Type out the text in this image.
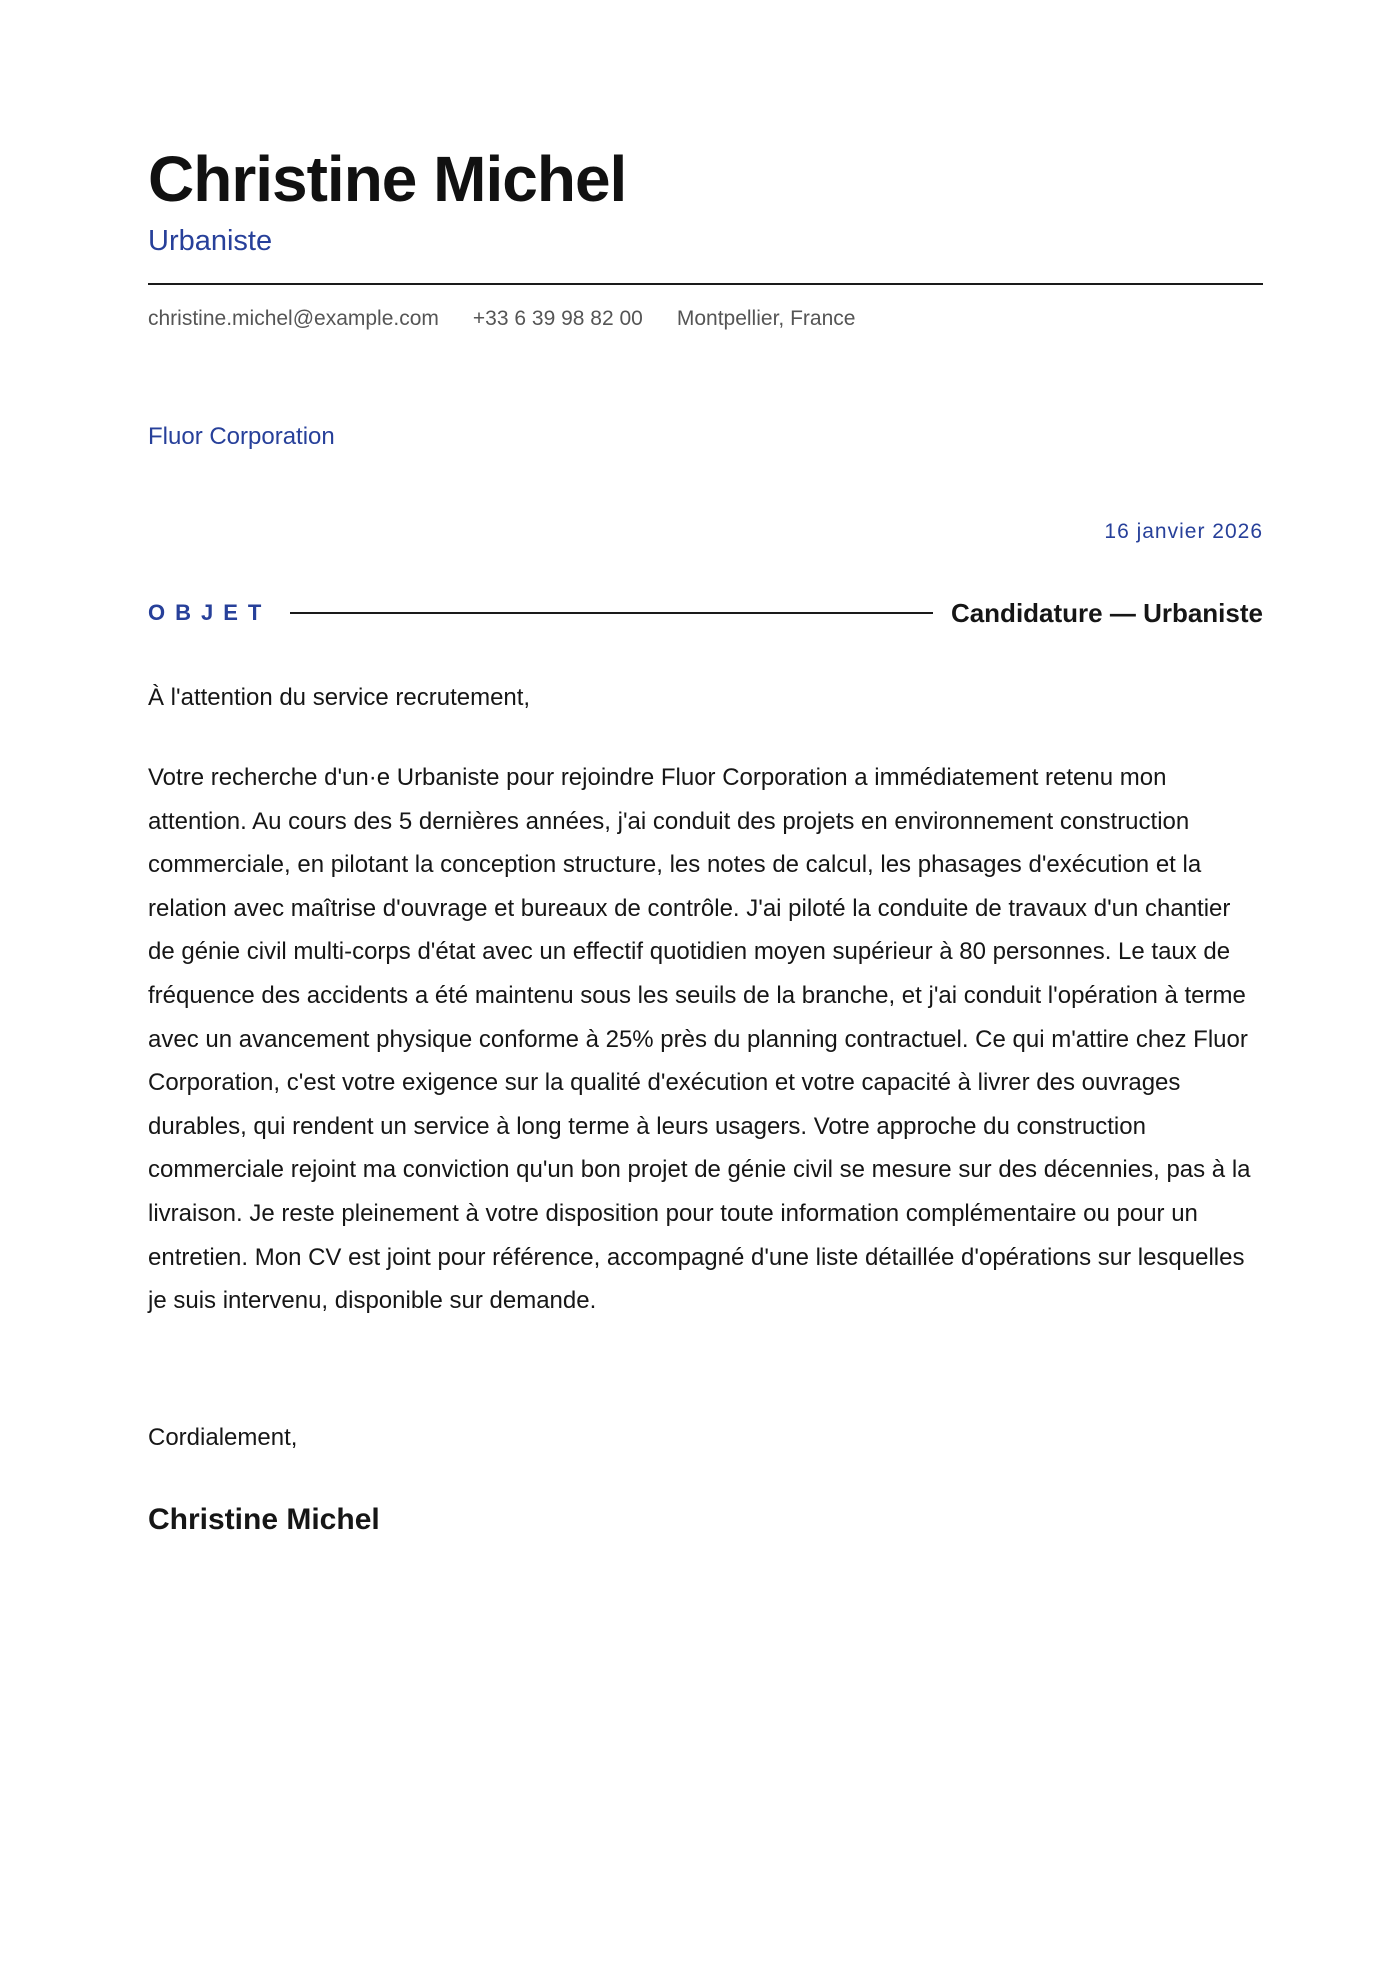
Christine Michel
Urbaniste
christine.michel@example.com +33 6 39 98 82 00 Montpellier, France
Fluor Corporation
16 janvier 2026
OBJET	Candidature — Urbaniste
À l'attention du service recrutement,

Votre recherche d'un·e Urbaniste pour rejoindre Fluor Corporation a immédiatement retenu mon attention. Au cours des 5 dernières années, j'ai conduit des projets en environnement construction commerciale, en pilotant la conception structure, les notes de calcul, les phasages d'exécution et la relation avec maîtrise d'ouvrage et bureaux de contrôle. J'ai piloté la conduite de travaux d'un chantier de génie civil multi-corps d'état avec un effectif quotidien moyen supérieur à 80 personnes. Le taux de fréquence des accidents a été maintenu sous les seuils de la branche, et j'ai conduit l'opération à terme avec un avancement physique conforme à 25% près du planning contractuel. Ce qui m'attire chez Fluor Corporation, c'est votre exigence sur la qualité d'exécution et votre capacité à livrer des ouvrages durables, qui rendent un service à long terme à leurs usagers. Votre approche du construction commerciale rejoint ma conviction qu'un bon projet de génie civil se mesure sur des décennies, pas à la livraison. Je reste pleinement à votre disposition pour toute information complémentaire ou pour un entretien. Mon CV est joint pour référence, accompagné d'une liste détaillée d'opérations sur lesquelles je suis intervenu, disponible sur demande.

Cordialement,
Christine Michel
